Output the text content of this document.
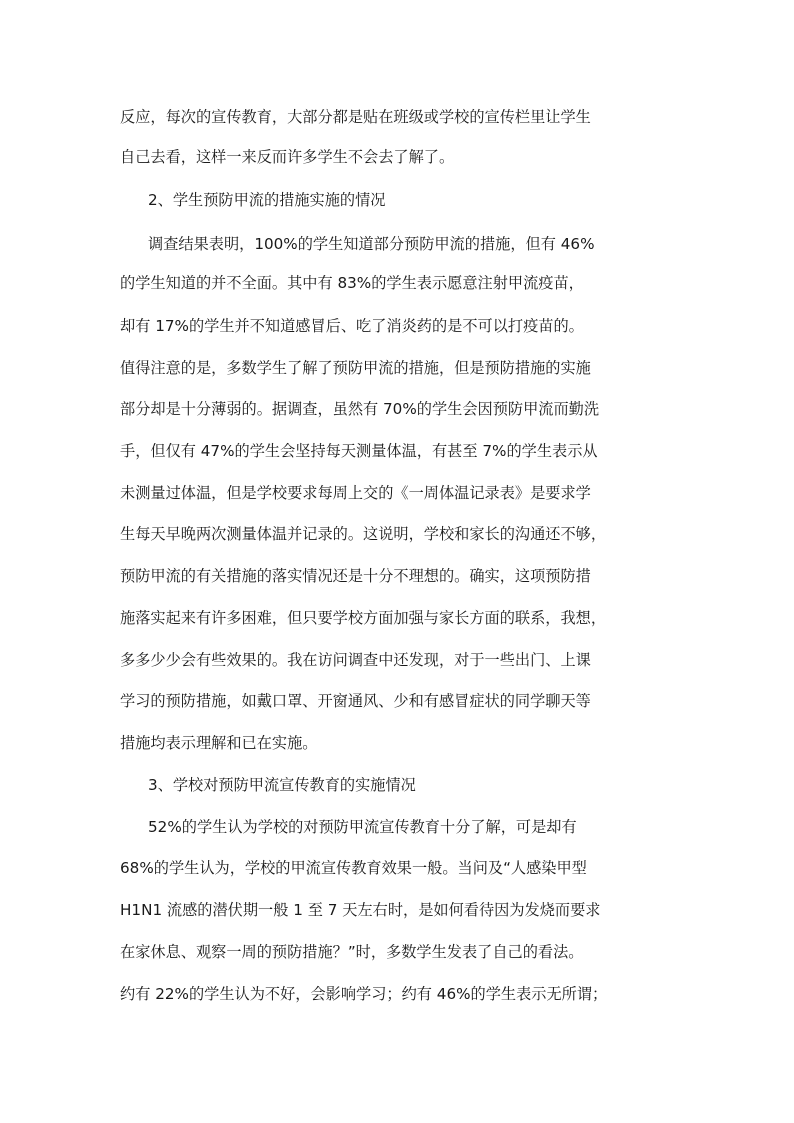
反应，每次的宣传教育，大部分都是贴在班级或学校的宣传栏里让学生
自己去看，这样一来反而许多学生不会去了解了。
2、学生预防甲流的措施实施的情况
调查结果表明，100%的学生知道部分预防甲流的措施，但有 46%
的学生知道的并不全面。其中有 83%的学生表示愿意注射甲流疫苗，
却有 17%的学生并不知道感冒后、吃了消炎药的是不可以打疫苗的。
值得注意的是，多数学生了解了预防甲流的措施，但是预防措施的实施
部分却是十分薄弱的。据调查，虽然有 70%的学生会因预防甲流而勤洗
手，但仅有 47%的学生会坚持每天测量体温，有甚至 7%的学生表示从
未测量过体温，但是学校要求每周上交的《一周体温记录表》是要求学
生每天早晚两次测量体温并记录的。这说明，学校和家长的沟通还不够，
预防甲流的有关措施的落实情况还是十分不理想的。确实，这项预防措
施落实起来有许多困难，但只要学校方面加强与家长方面的联系，我想，
多多少少会有些效果的。我在访问调查中还发现，对于一些出门、上课
学习的预防措施，如戴口罩、开窗通风、少和有感冒症状的同学聊天等
措施均表示理解和已在实施。
3、学校对预防甲流宣传教育的实施情况
52%的学生认为学校的对预防甲流宣传教育十分了解，可是却有
68%的学生认为，学校的甲流宣传教育效果一般。当问及“人感染甲型
H1N1 流感的潜伏期一般 1 至 7 天左右时，是如何看待因为发烧而要求
在家休息、观察一周的预防措施？”时，多数学生发表了自己的看法。
约有 22%的学生认为不好，会影响学习；约有 46%的学生表示无所谓；
